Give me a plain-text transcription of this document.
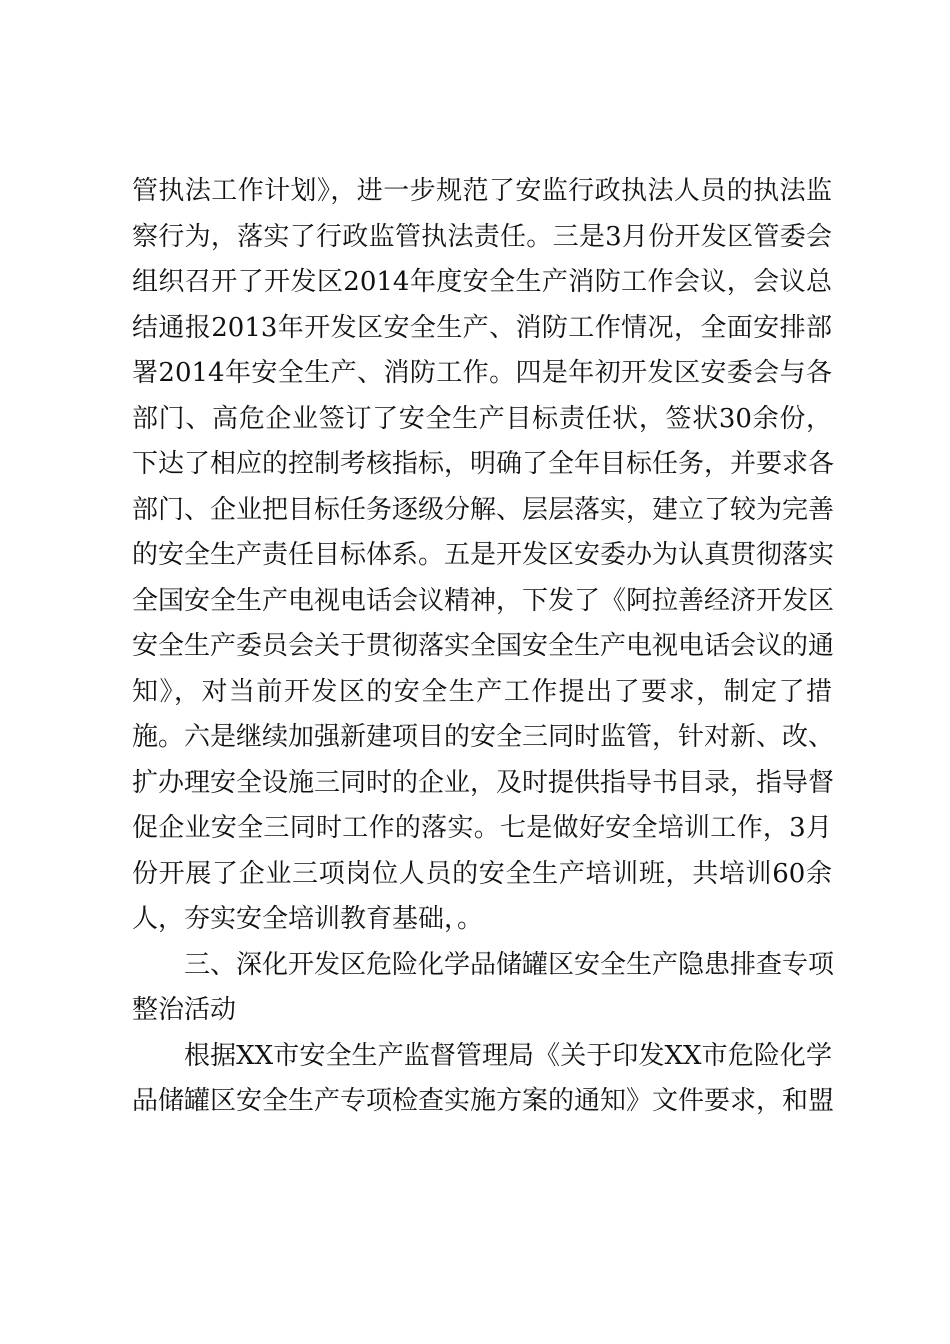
管执法工作计划》，进一步规范了安监行政执法人员的执法监
察行为，落实了行政监管执法责任。三是3月份开发区管委会
组织召开了开发区2014年度安全生产消防工作会议，会议总
结通报2013年开发区安全生产、消防工作情况，全面安排部
署2014年安全生产、消防工作。四是年初开发区安委会与各
部门、高危企业签订了安全生产目标责任状，签状30余份，
下达了相应的控制考核指标，明确了全年目标任务，并要求各
部门、企业把目标任务逐级分解、层层落实，建立了较为完善
的安全生产责任目标体系。五是开发区安委办为认真贯彻落实
全国安全生产电视电话会议精神，下发了《阿拉善经济开发区
安全生产委员会关于贯彻落实全国安全生产电视电话会议的通
知》，对当前开发区的安全生产工作提出了要求，制定了措
施。六是继续加强新建项目的安全三同时监管，针对新、改、
扩办理安全设施三同时的企业，及时提供指导书目录，指导督
促企业安全三同时工作的落实。七是做好安全培训工作，3月
份开展了企业三项岗位人员的安全生产培训班，共培训60余
人，夯实安全培训教育基础，。
三、深化开发区危险化学品储罐区安全生产隐患排查专项
整治活动
根据XX市安全生产监督管理局《关于印发XX市危险化学
品储罐区安全生产专项检查实施方案的通知》文件要求，和盟
